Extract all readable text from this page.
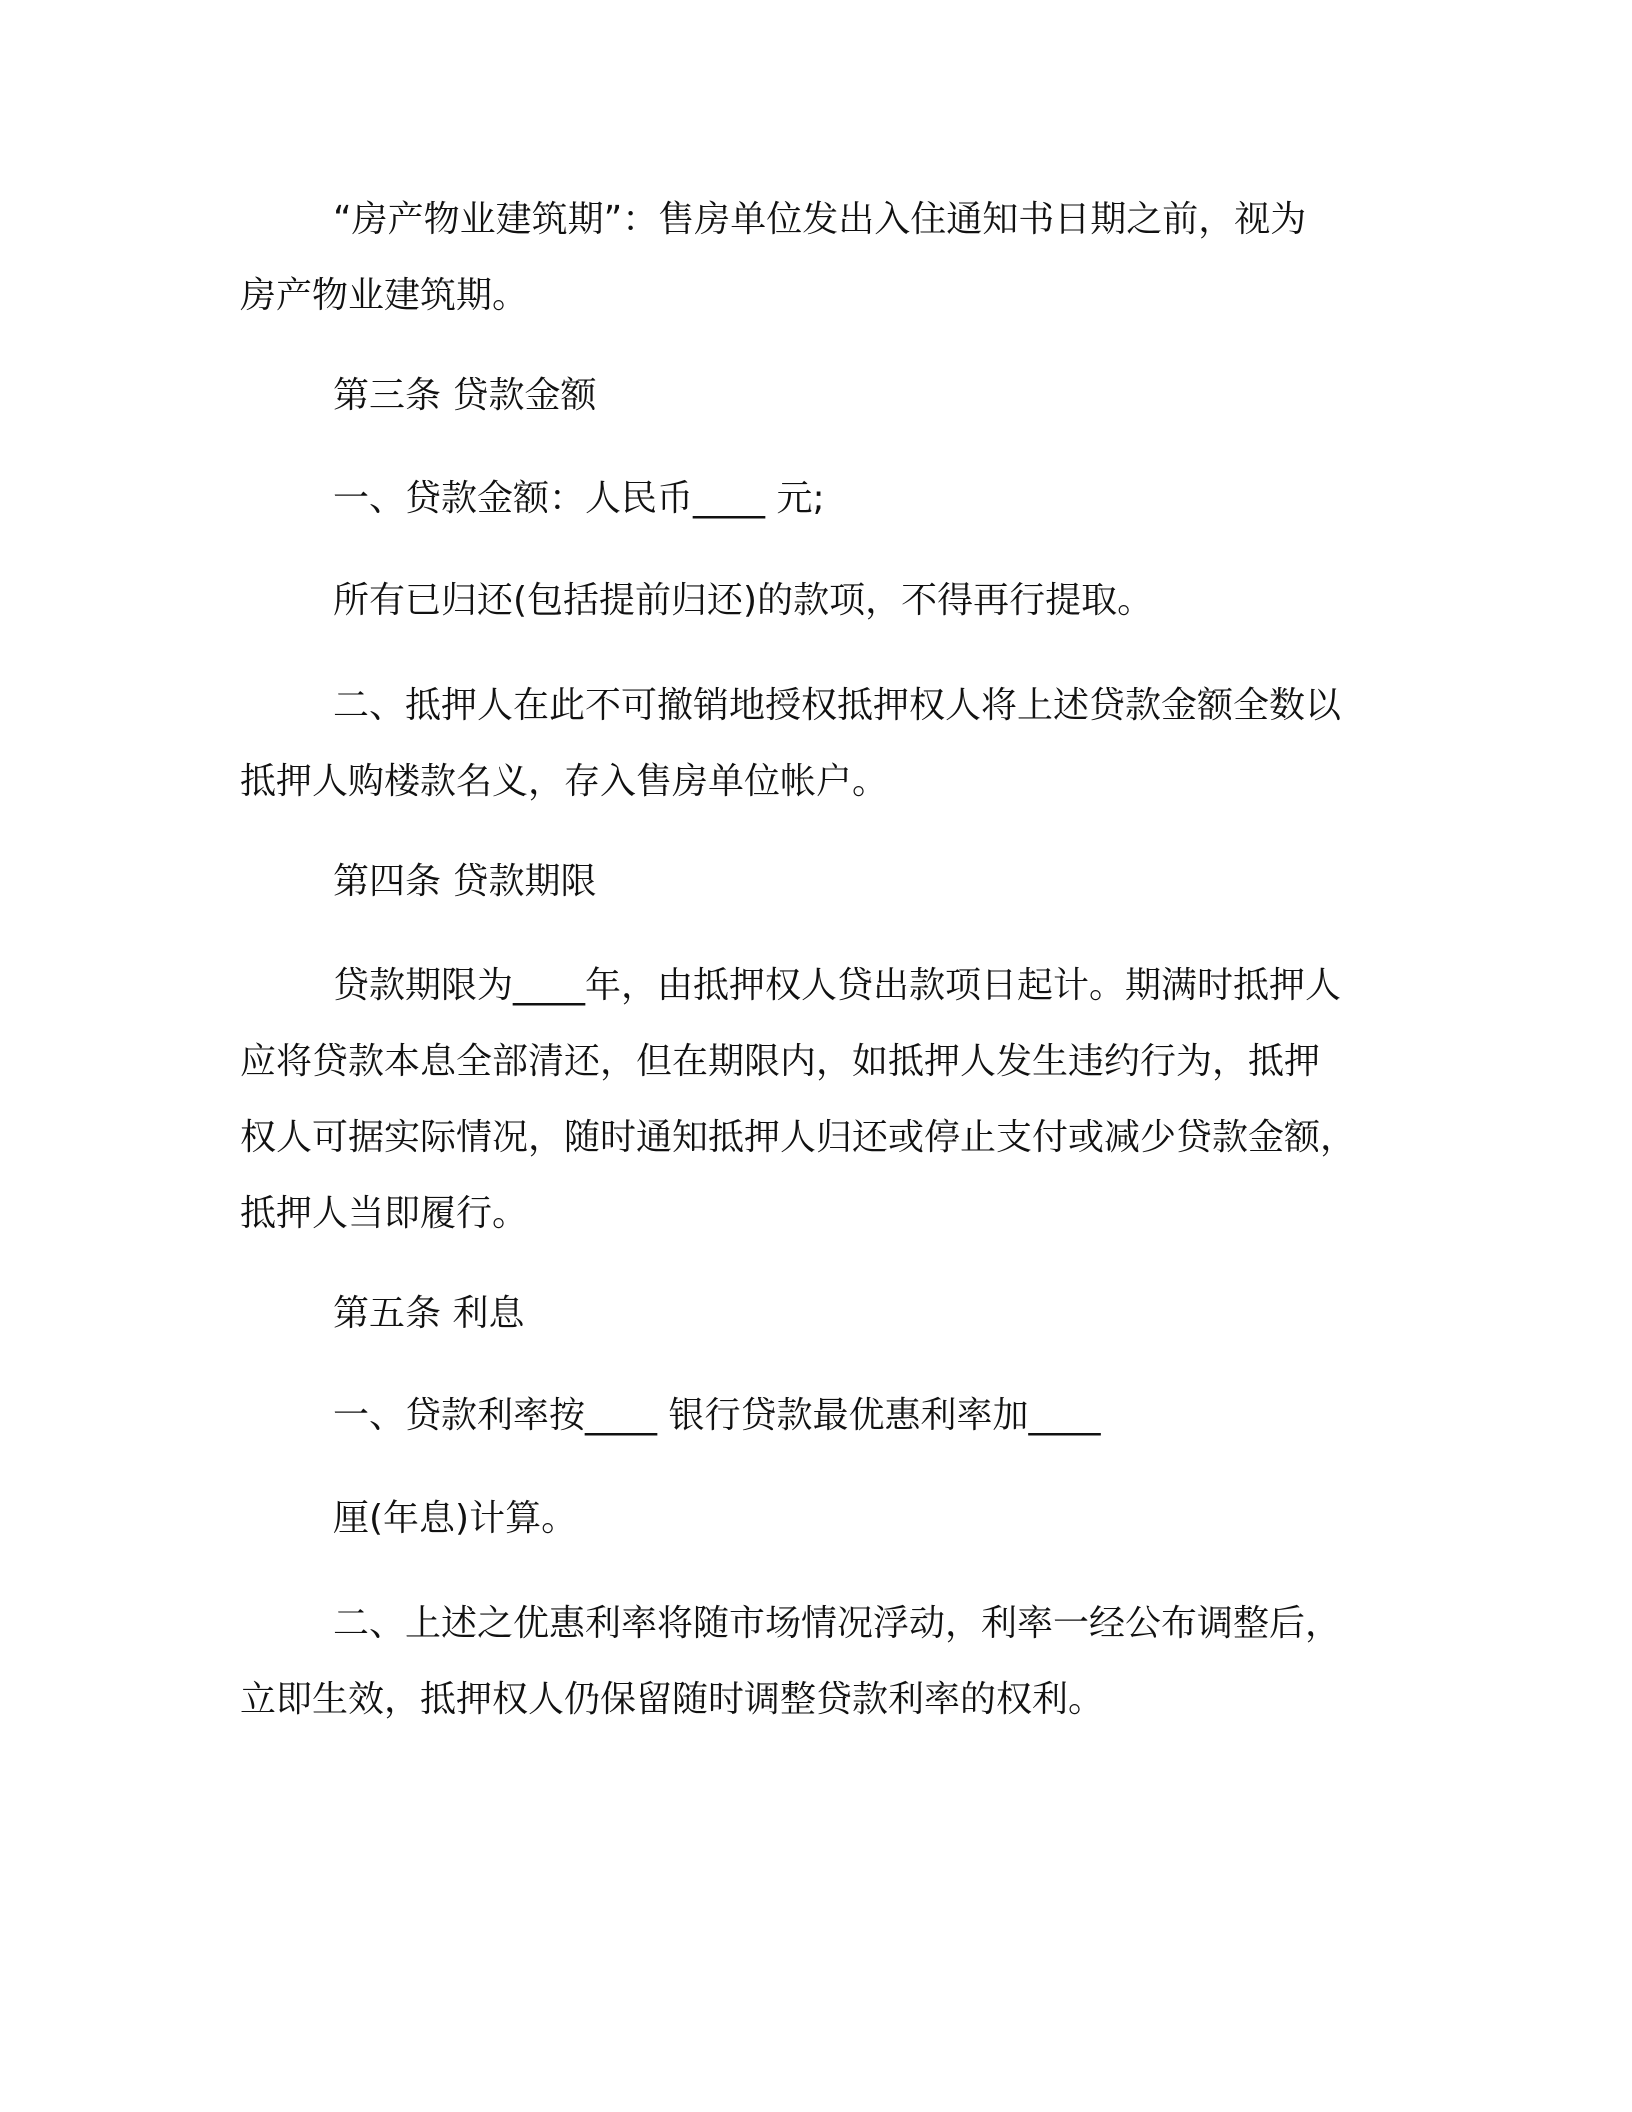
“房产物业建筑期”：售房单位发出入住通知书日期之前，视为
房产物业建筑期。
第三条 贷款金额
一、贷款金额：人民币____ 元;
所有已归还(包括提前归还)的款项，不得再行提取。
二、抵押人在此不可撤销地授权抵押权人将上述贷款金额全数以
抵押人购楼款名义，存入售房单位帐户。
第四条 贷款期限
贷款期限为____年，由抵押权人贷出款项日起计。期满时抵押人
应将贷款本息全部清还，但在期限内，如抵押人发生违约行为，抵押
权人可据实际情况，随时通知抵押人归还或停止支付或减少贷款金额，
抵押人当即履行。
第五条 利息
一、贷款利率按____ 银行贷款最优惠利率加____
厘(年息)计算。
二、上述之优惠利率将随市场情况浮动，利率一经公布调整后，
立即生效，抵押权人仍保留随时调整贷款利率的权利。
